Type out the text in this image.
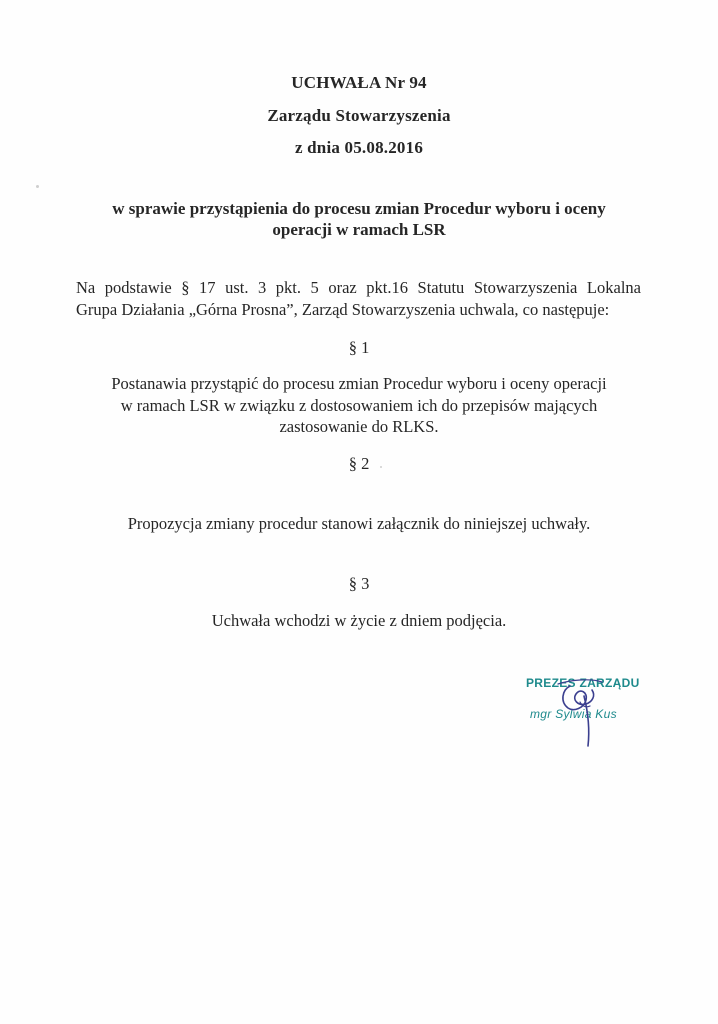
UCHWAŁA Nr 94
Zarządu Stowarzyszenia
z dnia 05.08.2016
w sprawie przystąpienia do procesu zmian Procedur wyboru i oceny
operacji w ramach LSR
Na podstawie § 17 ust. 3 pkt. 5 oraz pkt.16 Statutu Stowarzyszenia Lokalna
Grupa Działania „Górna Prosna”, Zarząd Stowarzyszenia uchwala, co następuje:
§ 1
Postanawia przystąpić do procesu zmian Procedur wyboru i oceny operacji
w ramach LSR w związku z dostosowaniem ich do przepisów mających
zastosowanie do RLKS.
§ 2
Propozycja zmiany procedur stanowi załącznik do niniejszej uchwały.
§ 3
Uchwała wchodzi w życie z dniem podjęcia.
PREZES ZARZĄDU
mgr Sylwia Kus
